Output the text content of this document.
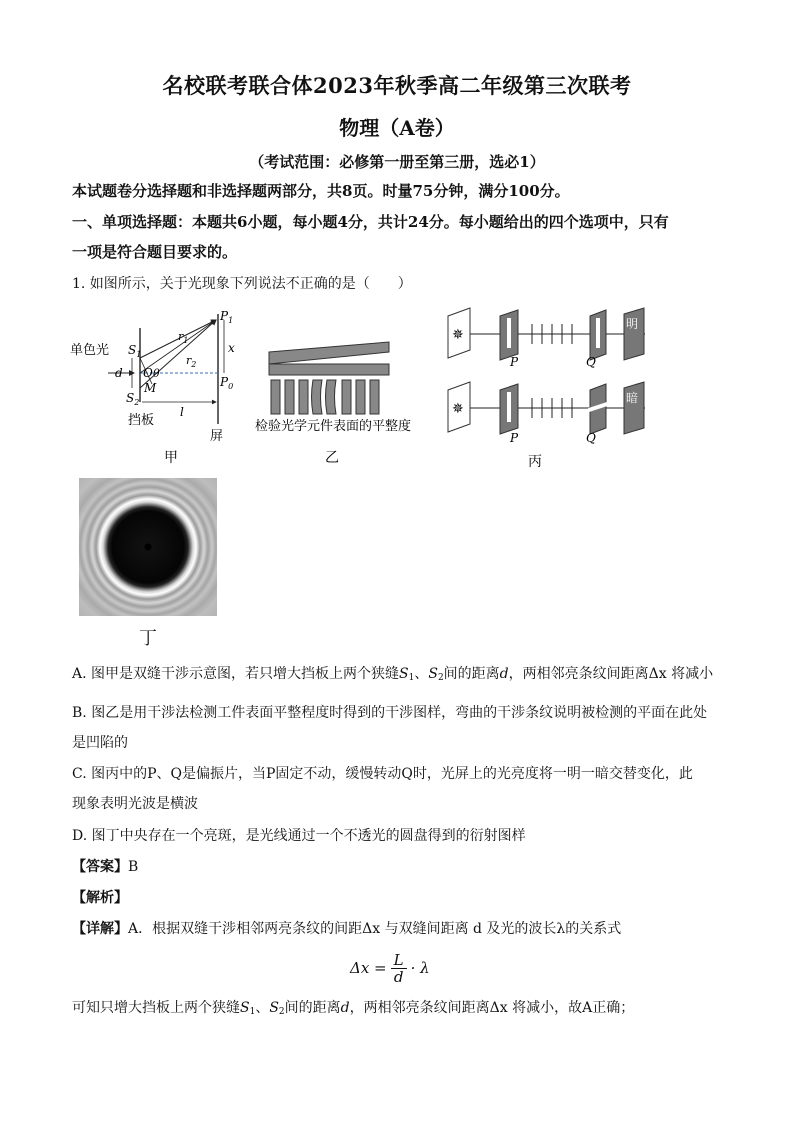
名校联考联合体2023年秋季高二年级第三次联考
物理（A卷）
（考试范围：必修第一册至第三册，选必1）
本试题卷分选择题和非选择题两部分，共8页。时量75分钟，满分100分。
一、单项选择题：本题共6小题，每小题4分，共计24分。每小题给出的四个选项中，只有
一项是符合题目要求的。
1. 如图所示，关于光现象下列说法不正确的是（　　）
单色光 $S_1$
$S_2$
d O θ
M
$r_1$
$r_2$
$P_1$
$P_0$
x
l
挡板
屏
甲
检验光学元件表面的平整度
乙
✵
P	Q
明
✵
P	Q
暗
丙
丁
A. 图甲是双缝干涉示意图，若只增大挡板上两个狭缝$S_1$、$S_2$间的距离d，两相邻亮条纹间距离Δx 将减小
B. 图乙是用干涉法检测工件表面平整程度时得到的干涉图样，弯曲的干涉条纹说明被检测的平面在此处
是凹陷的
C. 图丙中的P、Q是偏振片，当P固定不动，缓慢转动Q时，光屏上的光亮度将一明一暗交替变化，此
现象表明光波是横波
D. 图丁中央存在一个亮斑，是光线通过一个不透光的圆盘得到的衍射图样
【答案】B
【解析】
【详解】A．根据双缝干涉相邻两亮条纹的间距Δx 与双缝间距离 d 及光的波长λ的关系式
$\Delta x = \frac{L}{d} \cdot \lambda$
可知只增大挡板上两个狭缝$S_1$、$S_2$间的距离d，两相邻亮条纹间距离Δx 将减小，故A正确；
